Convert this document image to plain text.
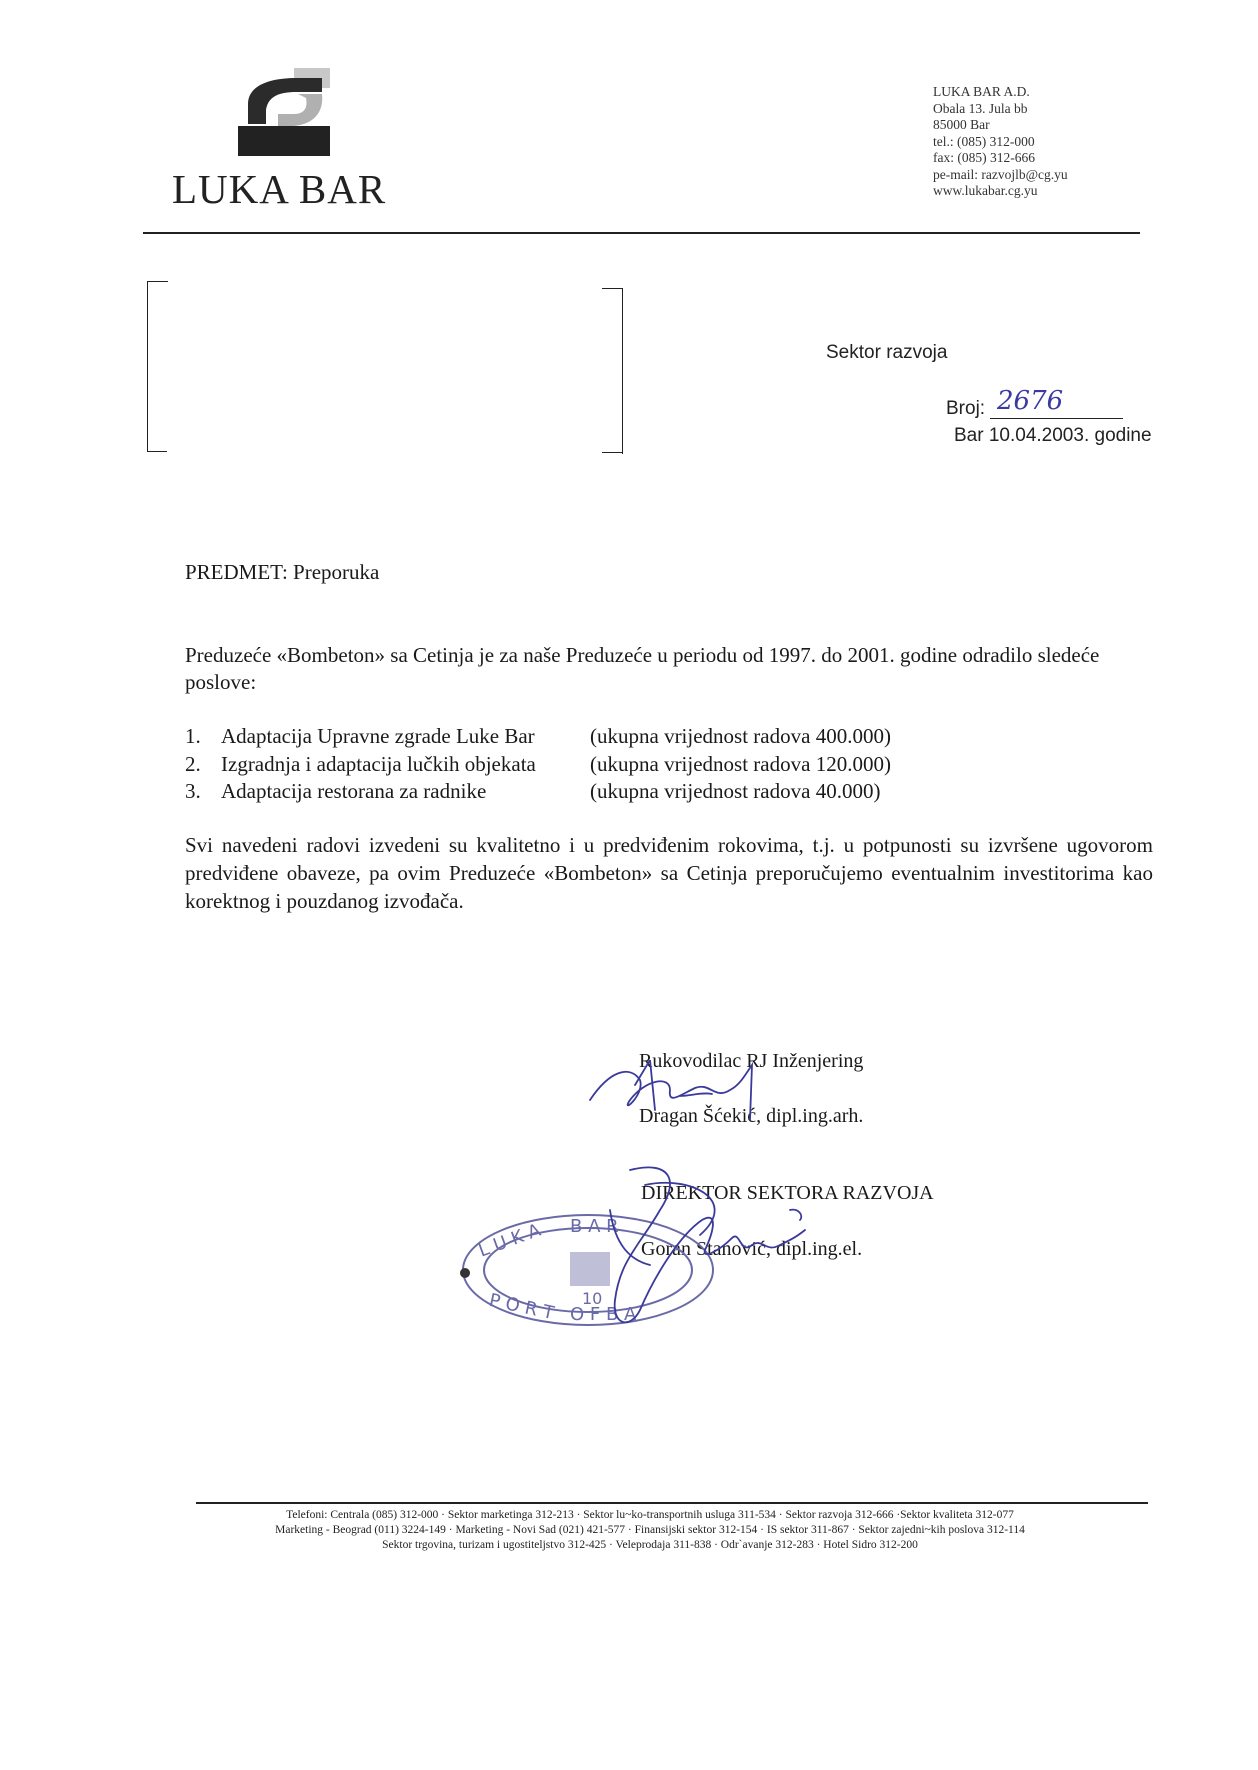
LUKA BAR
LUKA BAR A.D.
Obala 13. Jula bb
85000 Bar
tel.: (085) 312-000
fax: (085) 312-666
pe-mail: razvojlb@cg.yu
www.lukabar.cg.yu
Sektor razvoja
Broj: 2676
Bar 10.04.2003. godine
PREDMET: Preporuka
Preduzeće «Bombeton» sa Cetinja je za naše Preduzeće u periodu od 1997. do 2001. godine odradilo sledeće poslove:
1. Adaptacija Upravne zgrade Luke Bar	(ukupna vrijednost radova 400.000)
2. Izgradnja i adaptacija lučkih objekata	(ukupna vrijednost radova 120.000)
3. Adaptacija restorana za radnike	(ukupna vrijednost radova 40.000)
Svi navedeni radovi izvedeni su kvalitetno i u predviđenim rokovima, t.j. u potpunosti su izvršene ugovorom predviđene obaveze, pa ovim Preduzeće «Bombeton» sa Cetinja preporučujemo eventualnim investitorima kao korektnog i pouzdanog izvođača.
Rukovodilac RJ Inženjering
Dragan Šćekić, dipl.ing.arh.
DIREKTOR SEKTORA RAZVOJA
Goran Stanović, dipl.ing.el.
L U K A B A R
P O R T O F B A
10
Telefoni: Centrala (085) 312-000 · Sektor marketinga 312-213 · Sektor lu~ko-transportnih usluga 311-534 · Sektor razvoja 312-666 ·Sektor kvaliteta 312-077
Marketing - Beograd (011) 3224-149 · Marketing - Novi Sad (021) 421-577 · Finansijski sektor 312-154 · IS sektor 311-867 · Sektor zajedni~kih poslova 312-114
Sektor trgovina, turizam i ugostiteljstvo 312-425 · Veleprodaja 311-838 · Odr`avanje 312-283 · Hotel Sidro 312-200
